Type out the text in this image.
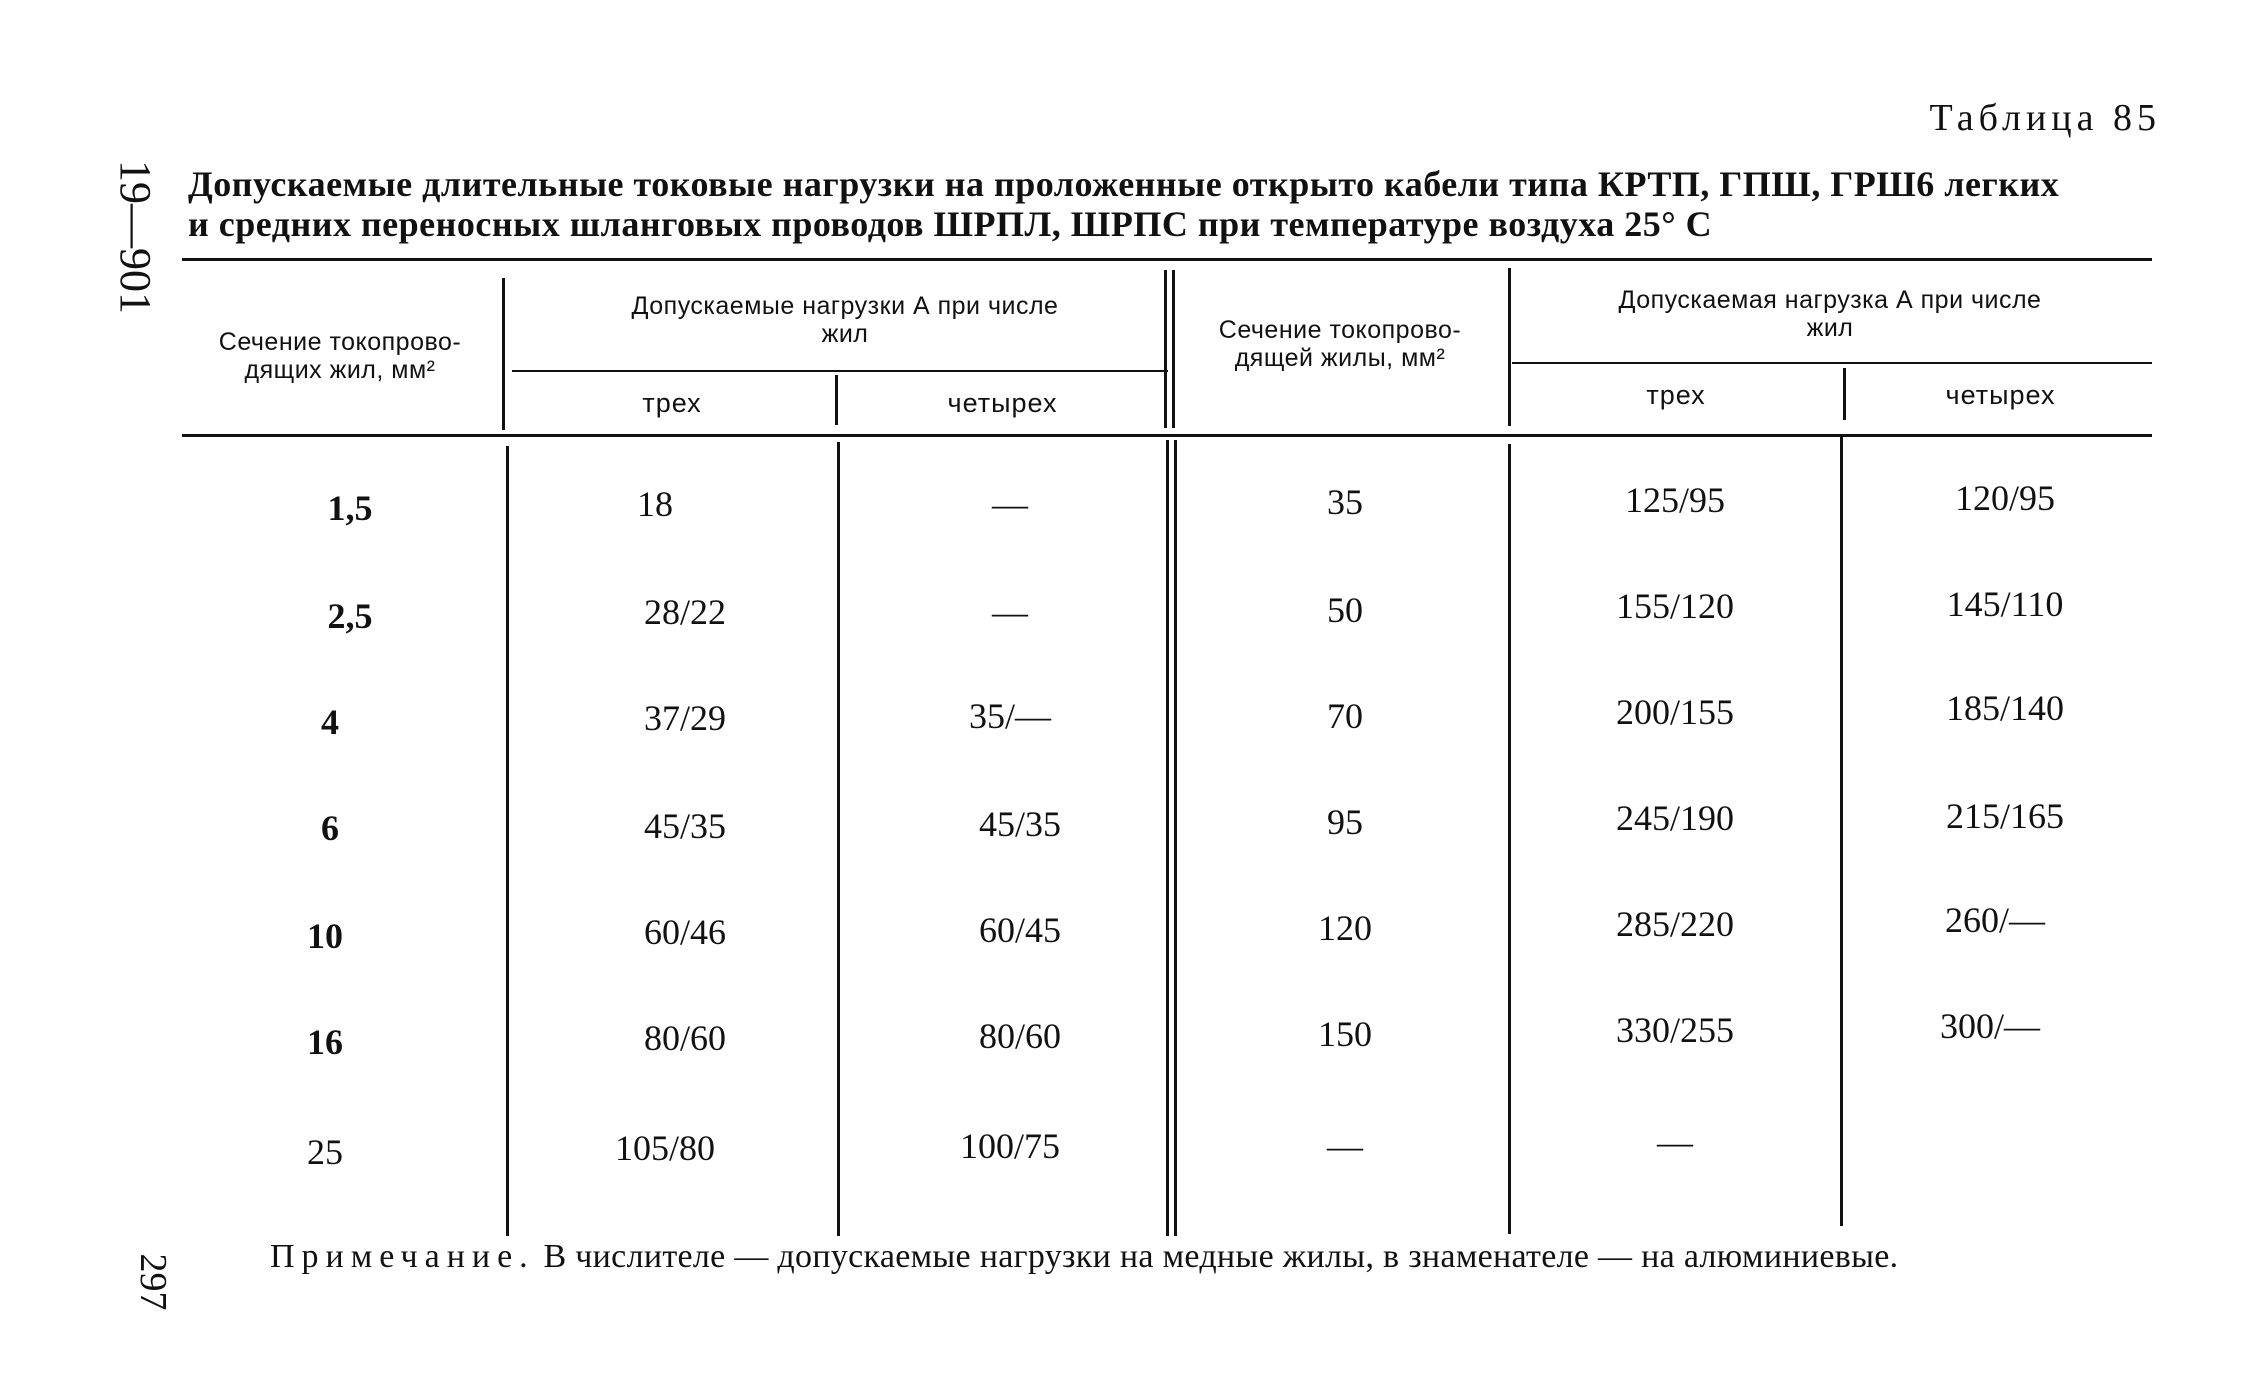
19—901
297
Таблица 85
Допускаемые длительные токовые нагрузки на проложенные открыто кабели типа КРТП, ГПШ, ГРШ6 легких
и средних переносных шланговых проводов ШРПЛ, ШРПС при температуре воздуха 25° С
Сечение токопрово-дящих жил, мм²
Допускаемые нагрузки А при числе жил	Сечение токопрово-дящей жилы, мм²
Допускаемая нагрузка А при числе жил
трех	четырех	трех	четырех
1,5	18	—	35	125/95	120/95
2,5	28/22	—	50	155/120	145/110
4	37/29	35/—	70	200/155	185/140
6	45/35	45/35	95	245/190	215/165
10	60/46	60/45	120	285/220	260/—
16	80/60	80/60	150	330/255	300/—
25	105/80	100/75	—	—
Примечание. В числителе — допускаемые нагрузки на медные жилы, в знаменателе — на алюминиевые.
